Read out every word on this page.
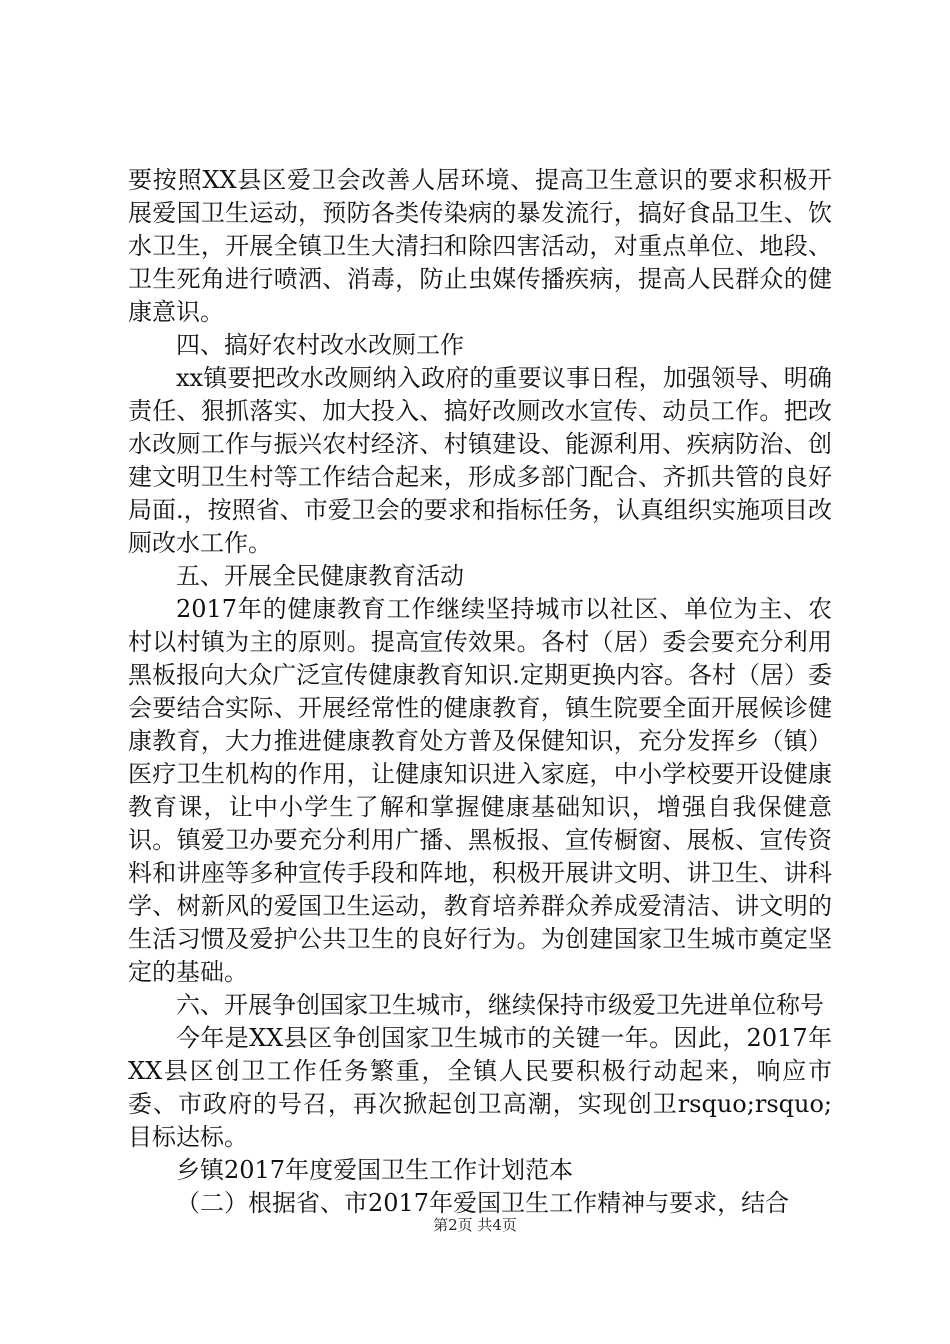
要按照XX县区爱卫会改善人居环境、提高卫生意识的要求积极开展爱国卫生运动，预防各类传染病的暴发流行，搞好食品卫生、饮水卫生，开展全镇卫生大清扫和除四害活动，对重点单位、地段、卫生死角进行喷洒、消毒，防止虫媒传播疾病，提高人民群众的健康意识。

四、搞好农村改水改厕工作

xx镇要把改水改厕纳入政府的重要议事日程，加强领导、明确责任、狠抓落实、加大投入、搞好改厕改水宣传、动员工作。把改水改厕工作与振兴农村经济、村镇建设、能源利用、疾病防治、创建文明卫生村等工作结合起来，形成多部门配合、齐抓共管的良好局面.，按照省、市爱卫会的要求和指标任务，认真组织实施项目改厕改水工作。

五、开展全民健康教育活动

2017年的健康教育工作继续坚持城市以社区、单位为主、农村以村镇为主的原则。提高宣传效果。各村（居）委会要充分利用黑板报向大众广泛宣传健康教育知识.定期更换内容。各村（居）委会要结合实际、开展经常性的健康教育，镇生院要全面开展候诊健康教育，大力推进健康教育处方普及保健知识，充分发挥乡（镇）医疗卫生机构的作用，让健康知识进入家庭，中小学校要开设健康教育课，让中小学生了解和掌握健康基础知识，增强自我保健意识。镇爱卫办要充分利用广播、黑板报、宣传橱窗、展板、宣传资料和讲座等多种宣传手段和阵地，积极开展讲文明、讲卫生、讲科学、树新风的爱国卫生运动，教育培养群众养成爱清洁、讲文明的生活习惯及爱护公共卫生的良好行为。为创建国家卫生城市奠定坚定的基础。

六、开展争创国家卫生城市，继续保持市级爱卫先进单位称号

今年是XX县区争创国家卫生城市的关键一年。因此，2017年XX县区创卫工作任务繁重，全镇人民要积极行动起来，响应市委、市政府的号召，再次掀起创卫高潮，实现创卫rsquo;rsquo;目标达标。

乡镇2017年度爱国卫生工作计划范本

（二）根据省、市2017年爱国卫生工作精神与要求，结合

第2页 共4页
